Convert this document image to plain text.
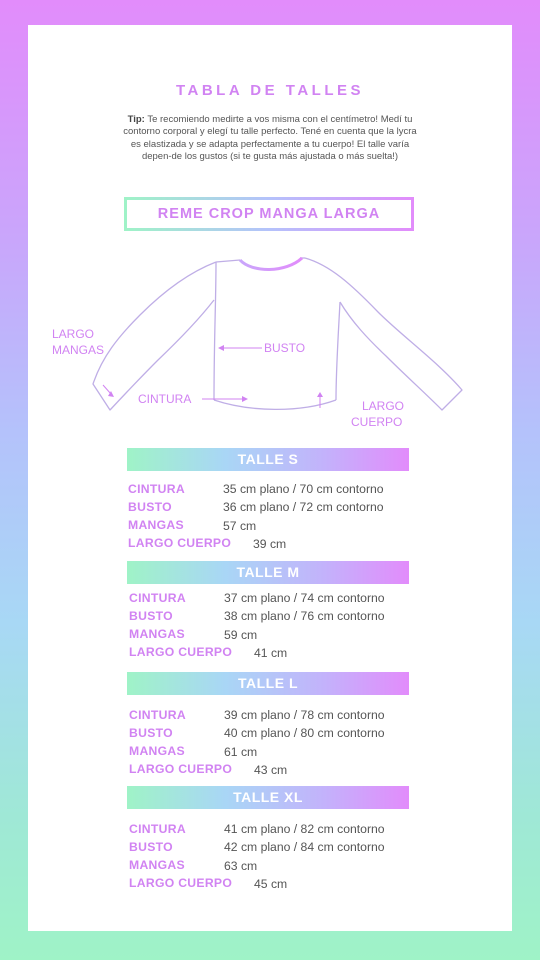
TABLA DE TALLES
Tip: Te recomiendo medirte a vos misma con el centímetro! Medí tu contorno corporal y elegí tu talle perfecto. Tené en cuenta que la lycra es elastizada y se adapta perfectamente a tu cuerpo! El talle varía depen-de los gustos (si te gusta más ajustada o más suelta!)
REME CROP MANGA LARGA
LARGO
MANGAS	BUSTO
CINTURA	LARGO
CUERPO
TALLE S
CINTURA	35 cm plano / 70 cm contorno
BUSTO	36 cm plano / 72 cm contorno
MANGAS	57 cm
LARGO CUERPO 39 cm
TALLE M
CINTURA	37 cm plano / 74 cm contorno
BUSTO	38 cm plano / 76 cm contorno
MANGAS	59 cm
LARGO CUERPO 41 cm
TALLE L
CINTURA	39 cm plano / 78 cm contorno
BUSTO	40 cm plano / 80 cm contorno
MANGAS	61 cm
LARGO CUERPO 43 cm
TALLE XL
CINTURA	41 cm plano / 82 cm contorno
BUSTO	42 cm plano / 84 cm contorno
MANGAS	63 cm
LARGO CUERPO 45 cm
